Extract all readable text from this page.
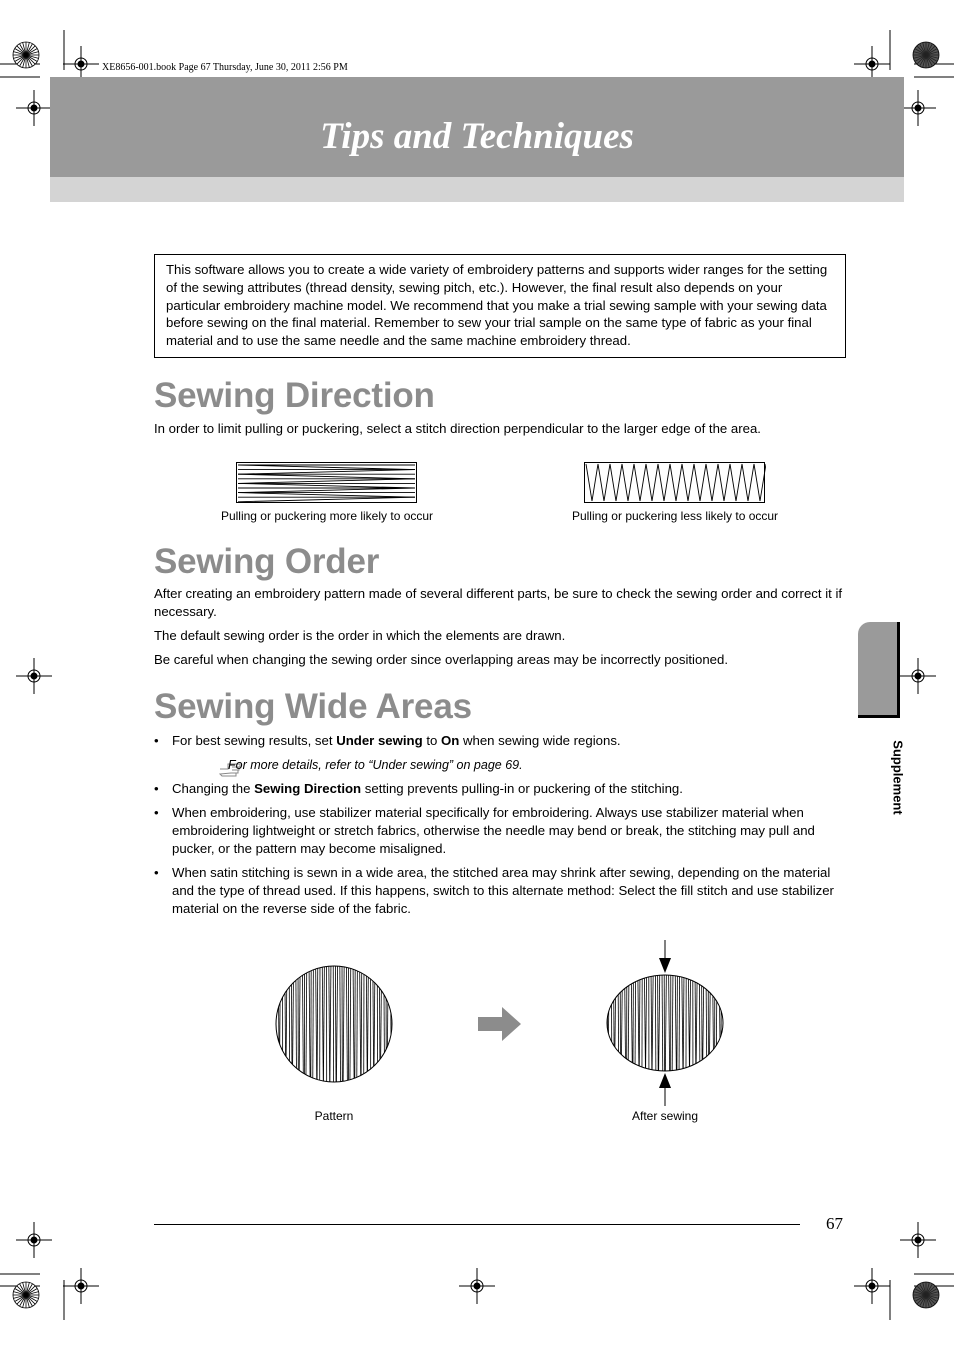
XE8656-001.book Page 67 Thursday, June 30, 2011 2:56 PM
Tips and Techniques
This software allows you to create a wide variety of embroidery patterns and supports wider ranges for the setting of the sewing attributes (thread density, sewing pitch, etc.). However, the final result also depends on your particular embroidery machine model. We recommend that you make a trial sewing sample with your sewing data before sewing on the final material. Remember to sew your trial sample on the same type of fabric as your final material and to use the same needle and the same machine embroidery thread.
Sewing Direction
In order to limit pulling or puckering, select a stitch direction perpendicular to the larger edge of the area.
Pulling or puckering more likely to occur	Pulling or puckering less likely to occur
Sewing Order
After creating an embroidery pattern made of several different parts, be sure to check the sewing order and correct it if necessary.
The default sewing order is the order in which the elements are drawn.
Be careful when changing the sewing order since overlapping areas may be incorrectly positioned.
Sewing Wide Areas
• For best sewing results, set Under sewing to On when sewing wide regions.
For more details, refer to “Under sewing” on page 69.
• Changing the Sewing Direction setting prevents pulling-in or puckering of the stitching.
• When embroidering, use stabilizer material specifically for embroidering. Always use stabilizer material when embroidering lightweight or stretch fabrics, otherwise the needle may bend or break, the stitching may pull and pucker, or the pattern may become misaligned.
• When satin stitching is sewn in a wide area, the stitched area may shrink after sewing, depending on the material and the type of thread used. If this happens, switch to this alternate method: Select the fill stitch and use stabilizer material on the reverse side of the fabric.
Pattern	After sewing
Supplement
67
